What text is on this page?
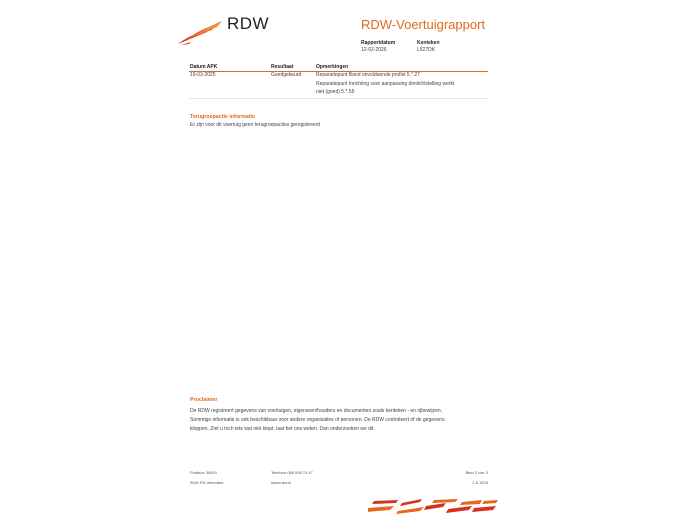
RDW	RDW-Voertuigrapport
Rapportdatum
12-02-2026
Kenteken
L527DK
Datum APK	Resultaat	Opmerkingen
19-03-2025	Goedgekeurd	Reparatiepunt Band onvoldoende profiel 5.*.27
Reparatiepunt Inrichting voor aanpassing dimlichtstelling werkt
niet (goed) 5.*.55
Terugroepactie informatie
Er zijn voor dit voertuig geen terugroepacties geregistreerd
Proclaimer
De RDW registreert gegevens van voertuigen, eigenaren/houders en documenten zoals kenteken - en rijbewijzen.
Sommige informatie is ook beschikbaar voor andere organisaties of personen. De RDW controleert of de gegevens
kloppen. Ziet u toch iets wat niet klopt, laat het ons weten. Dan onderzoeken we dit.
Postbus 30000
9640 RA Veendam
Telefoon 088 008 74 47
www.rdw.nl
Blad 2 van 3
2.5.1878
